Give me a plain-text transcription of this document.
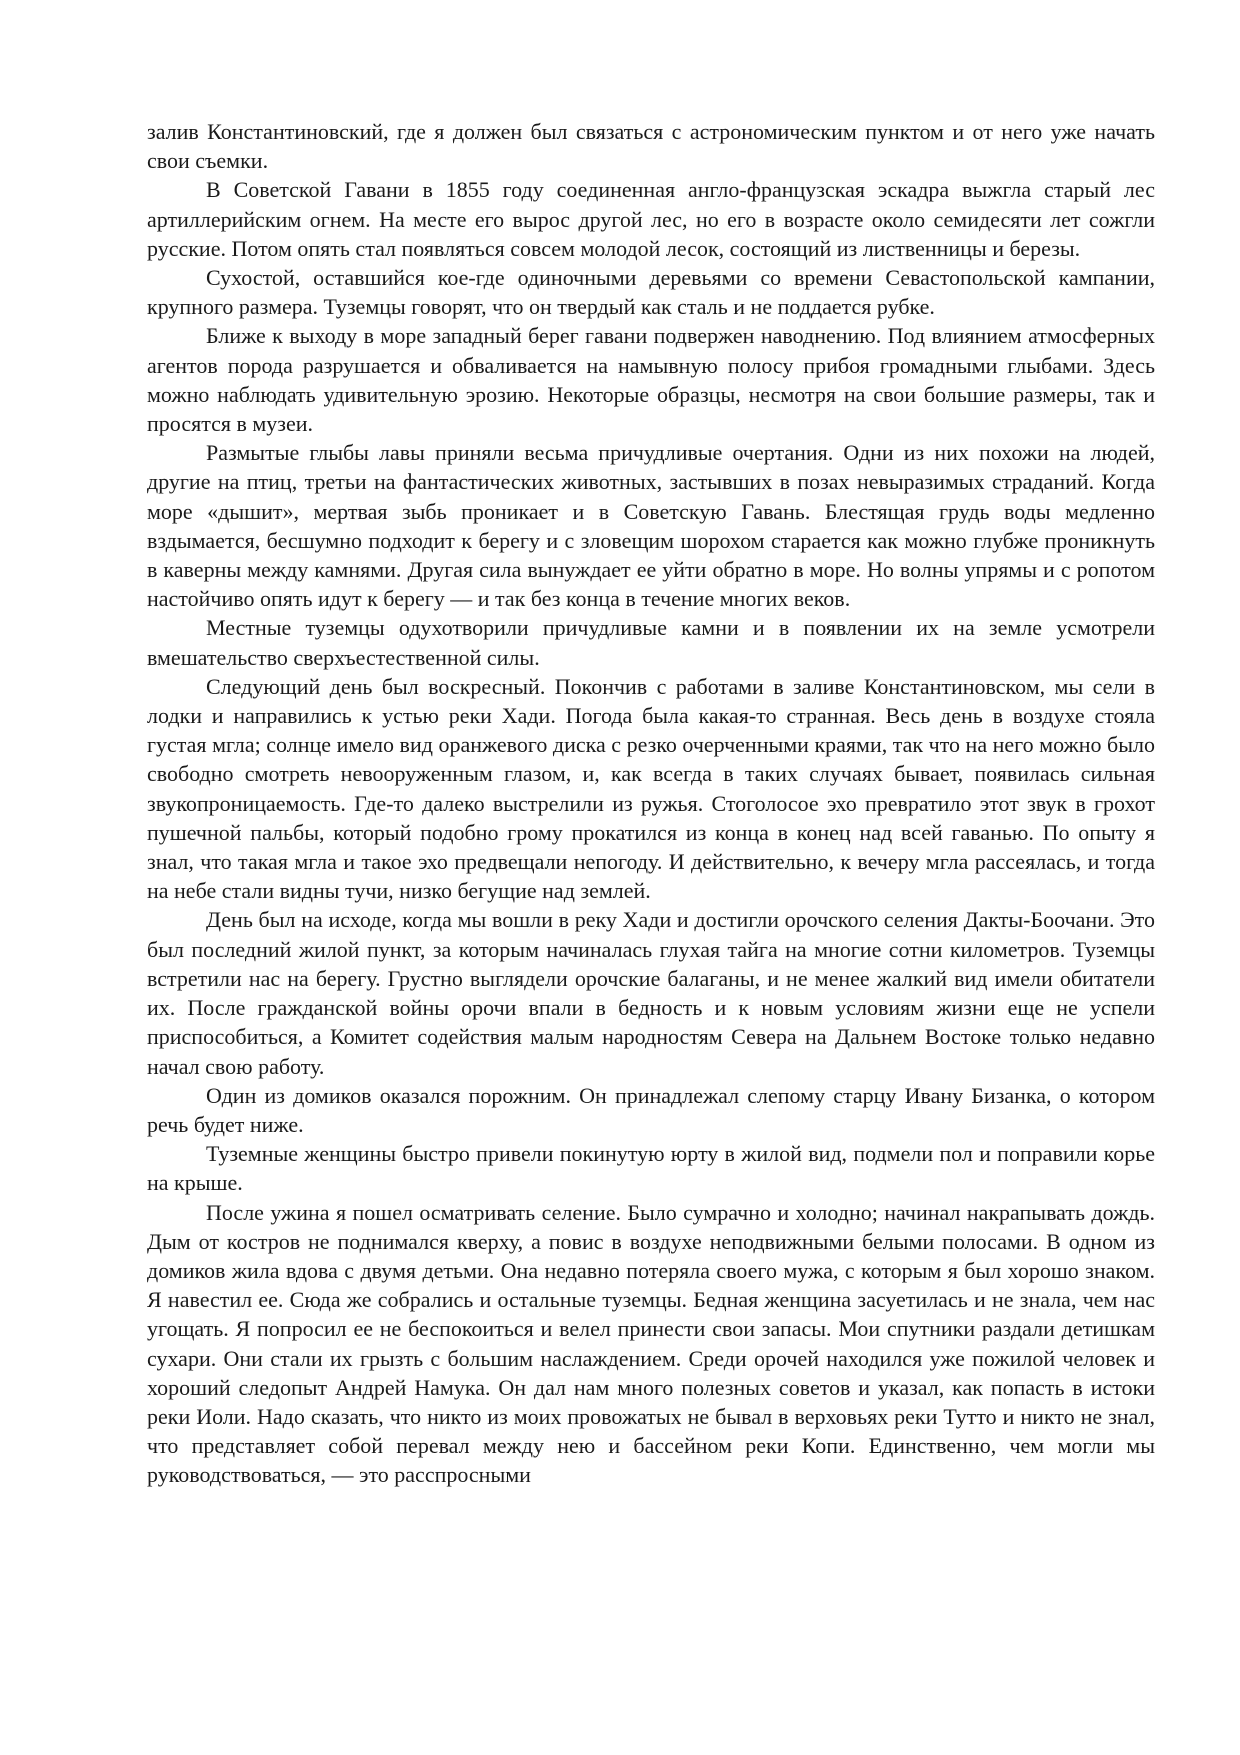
залив Константиновский, где я должен был связаться с астрономическим пунктом и от него уже начать свои съемки.

В Советской Гавани в 1855 году соединенная англо-французская эскадра выжгла старый лес артиллерийским огнем. На месте его вырос другой лес, но его в возрасте около семидесяти лет сожгли русские. Потом опять стал появляться совсем молодой лесок, состоящий из лиственницы и березы.

Сухостой, оставшийся кое-где одиночными деревьями со времени Севастопольской кампании, крупного размера. Туземцы говорят, что он твердый как сталь и не поддается рубке.

Ближе к выходу в море западный берег гавани подвержен наводнению. Под влиянием атмосферных агентов порода разрушается и обваливается на намывную полосу прибоя громадными глыбами. Здесь можно наблюдать удивительную эрозию. Некоторые образцы, несмотря на свои большие размеры, так и просятся в музеи.

Размытые глыбы лавы приняли весьма причудливые очертания. Одни из них похожи на людей, другие на птиц, третьи на фантастических животных, застывших в позах невыразимых страданий. Когда море «дышит», мертвая зыбь проникает и в Советскую Гавань. Блестящая грудь воды медленно вздымается, бесшумно подходит к берегу и с зловещим шорохом старается как можно глубже проникнуть в каверны между камнями. Другая сила вынуждает ее уйти обратно в море. Но волны упрямы и с ропотом настойчиво опять идут к берегу — и так без конца в течение многих веков.

Местные туземцы одухотворили причудливые камни и в появлении их на земле усмотрели вмешательство сверхъестественной силы.

Следующий день был воскресный. Покончив с работами в заливе Константиновском, мы сели в лодки и направились к устью реки Хади. Погода была какая-то странная. Весь день в воздухе стояла густая мгла; солнце имело вид оранжевого диска с резко очерченными краями, так что на него можно было свободно смотреть невооруженным глазом, и, как всегда в таких случаях бывает, появилась сильная звукопроницаемость. Где-то далеко выстрелили из ружья. Стоголосое эхо превратило этот звук в грохот пушечной пальбы, который подобно грому прокатился из конца в конец над всей гаванью. По опыту я знал, что такая мгла и такое эхо предвещали непогоду. И действительно, к вечеру мгла рассеялась, и тогда на небе стали видны тучи, низко бегущие над землей.

День был на исходе, когда мы вошли в реку Хади и достигли орочского селения Дакты-Боочани. Это был последний жилой пункт, за которым начиналась глухая тайга на многие сотни километров. Туземцы встретили нас на берегу. Грустно выглядели орочские балаганы, и не менее жалкий вид имели обитатели их. После гражданской войны орочи впали в бедность и к новым условиям жизни еще не успели приспособиться, а Комитет содействия малым народностям Севера на Дальнем Востоке только недавно начал свою работу.

Один из домиков оказался порожним. Он принадлежал слепому старцу Ивану Бизанка, о котором речь будет ниже.

Туземные женщины быстро привели покинутую юрту в жилой вид, подмели пол и поправили корье на крыше.

После ужина я пошел осматривать селение. Было сумрачно и холодно; начинал накрапывать дождь. Дым от костров не поднимался кверху, а повис в воздухе неподвижными белыми полосами. В одном из домиков жила вдова с двумя детьми. Она недавно потеряла своего мужа, с которым я был хорошо знаком. Я навестил ее. Сюда же собрались и остальные туземцы. Бедная женщина засуетилась и не знала, чем нас угощать. Я попросил ее не беспокоиться и велел принести свои запасы. Мои спутники раздали детишкам сухари. Они стали их грызть с большим наслаждением. Среди орочей находился уже пожилой человек и хороший следопыт Андрей Намука. Он дал нам много полезных советов и указал, как попасть в истоки реки Иоли. Надо сказать, что никто из моих провожатых не бывал в верховьях реки Тутто и никто не знал, что представляет собой перевал между нею и бассейном реки Копи. Единственно, чем могли мы руководствоваться, — это расспросными
